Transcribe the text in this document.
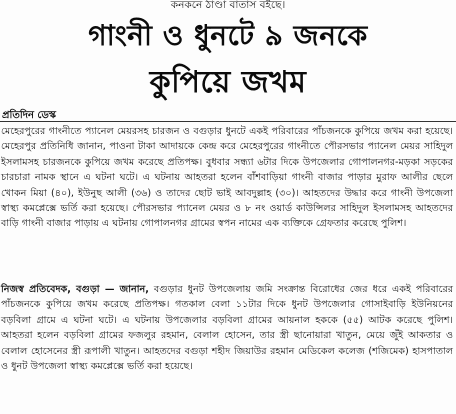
কনকনে ঠাণ্ডা বাতাস বইছে।
গাংনী ও ধুনটে ৯ জনকে
কুপিয়ে জখম
প্রতিদিন ডেস্ক
মেহেরপুরের গাংনীতে প্যানেল মেয়রসহ চারজন ও বগুড়ার ধুনটে একই পরিবারের পাঁচজনকে কুপিয়ে জখম করা হয়েছে। মেহেরপুর প্রতিনিধি জানান, পাওনা টাকা আদায়কে কেন্দ্র করে মেহেরপুরের গাংনীতে পৌরসভার প্যানেল মেয়র সাহিদুল ইসলামসহ চারজনকে কুপিয়ে জখম করেছে প্রতিপক্ষ। বুধবার সন্ধ্যা ৬টার দিকে উপজেলার গোপালনগর-মড়কা সড়কের চারচারা নামক স্থানে এ ঘটনা ঘটে। এ ঘটনায় আহতরা হলেন বাঁশবাড়িয়া গাংনী বাজার পাড়ার মুরাফ আলীর ছেলে খোকন মিয়া (৪০), ইউনুছ আলী (৩৬) ও তাদের ছোট ভাই আবদুল্লাহ (৩০)। আহতদের উদ্ধার করে গাংনী উপজেলা স্বাস্থ্য কমপ্লেক্সে ভর্তি করা হয়েছে। পৌরসভার প্যানেল মেয়র ও ৮ নং ওয়ার্ড কাউন্সিলর সাহিদুল ইসলামসহ আহতদের বাড়ি গাংনী বাজার পাড়ায় এ ঘটনায় গোপালনগর গ্রামের স্বপন নামের এক ব্যক্তিকে গ্রেফতার করেছে পুলিশ।
নিজস্ব প্রতিবেদক, বগুড়া — জানান, বগুড়ার ধুনট উপজেলায় জমি সংক্রান্ত বিরোধের জের ধরে একই পরিবারের পাঁচজনকে কুপিয়ে জখম করেছে প্রতিপক্ষ। গতকাল বেলা ১১টার দিকে ধুনট উপজেলার গোসাইবাড়ি ইউনিয়নের বড়বিলা গ্রামে এ ঘটনা ঘটে। এ ঘটনায় উপজেলার বড়বিলা গ্রামের আয়নাল হককে (৫৫) আটক করেছে পুলিশ। আহতরা হলেন বড়বিলা গ্রামের ফজলুর রহমান, বেলাল হোসেন, তার স্ত্রী ছানোয়ারা খাতুন, মেয়ে জুঁই আকতার ও বেলাল হোসেনের স্ত্রী রূপালী খাতুন। আহতদের বগুড়া শহীদ জিয়াউর রহমান মেডিকেল কলেজ (শজিমেক) হাসপাতাল ও ধুনট উপজেলা স্বাস্থ্য কমপ্লেক্সে ভর্তি করা হয়েছে।
